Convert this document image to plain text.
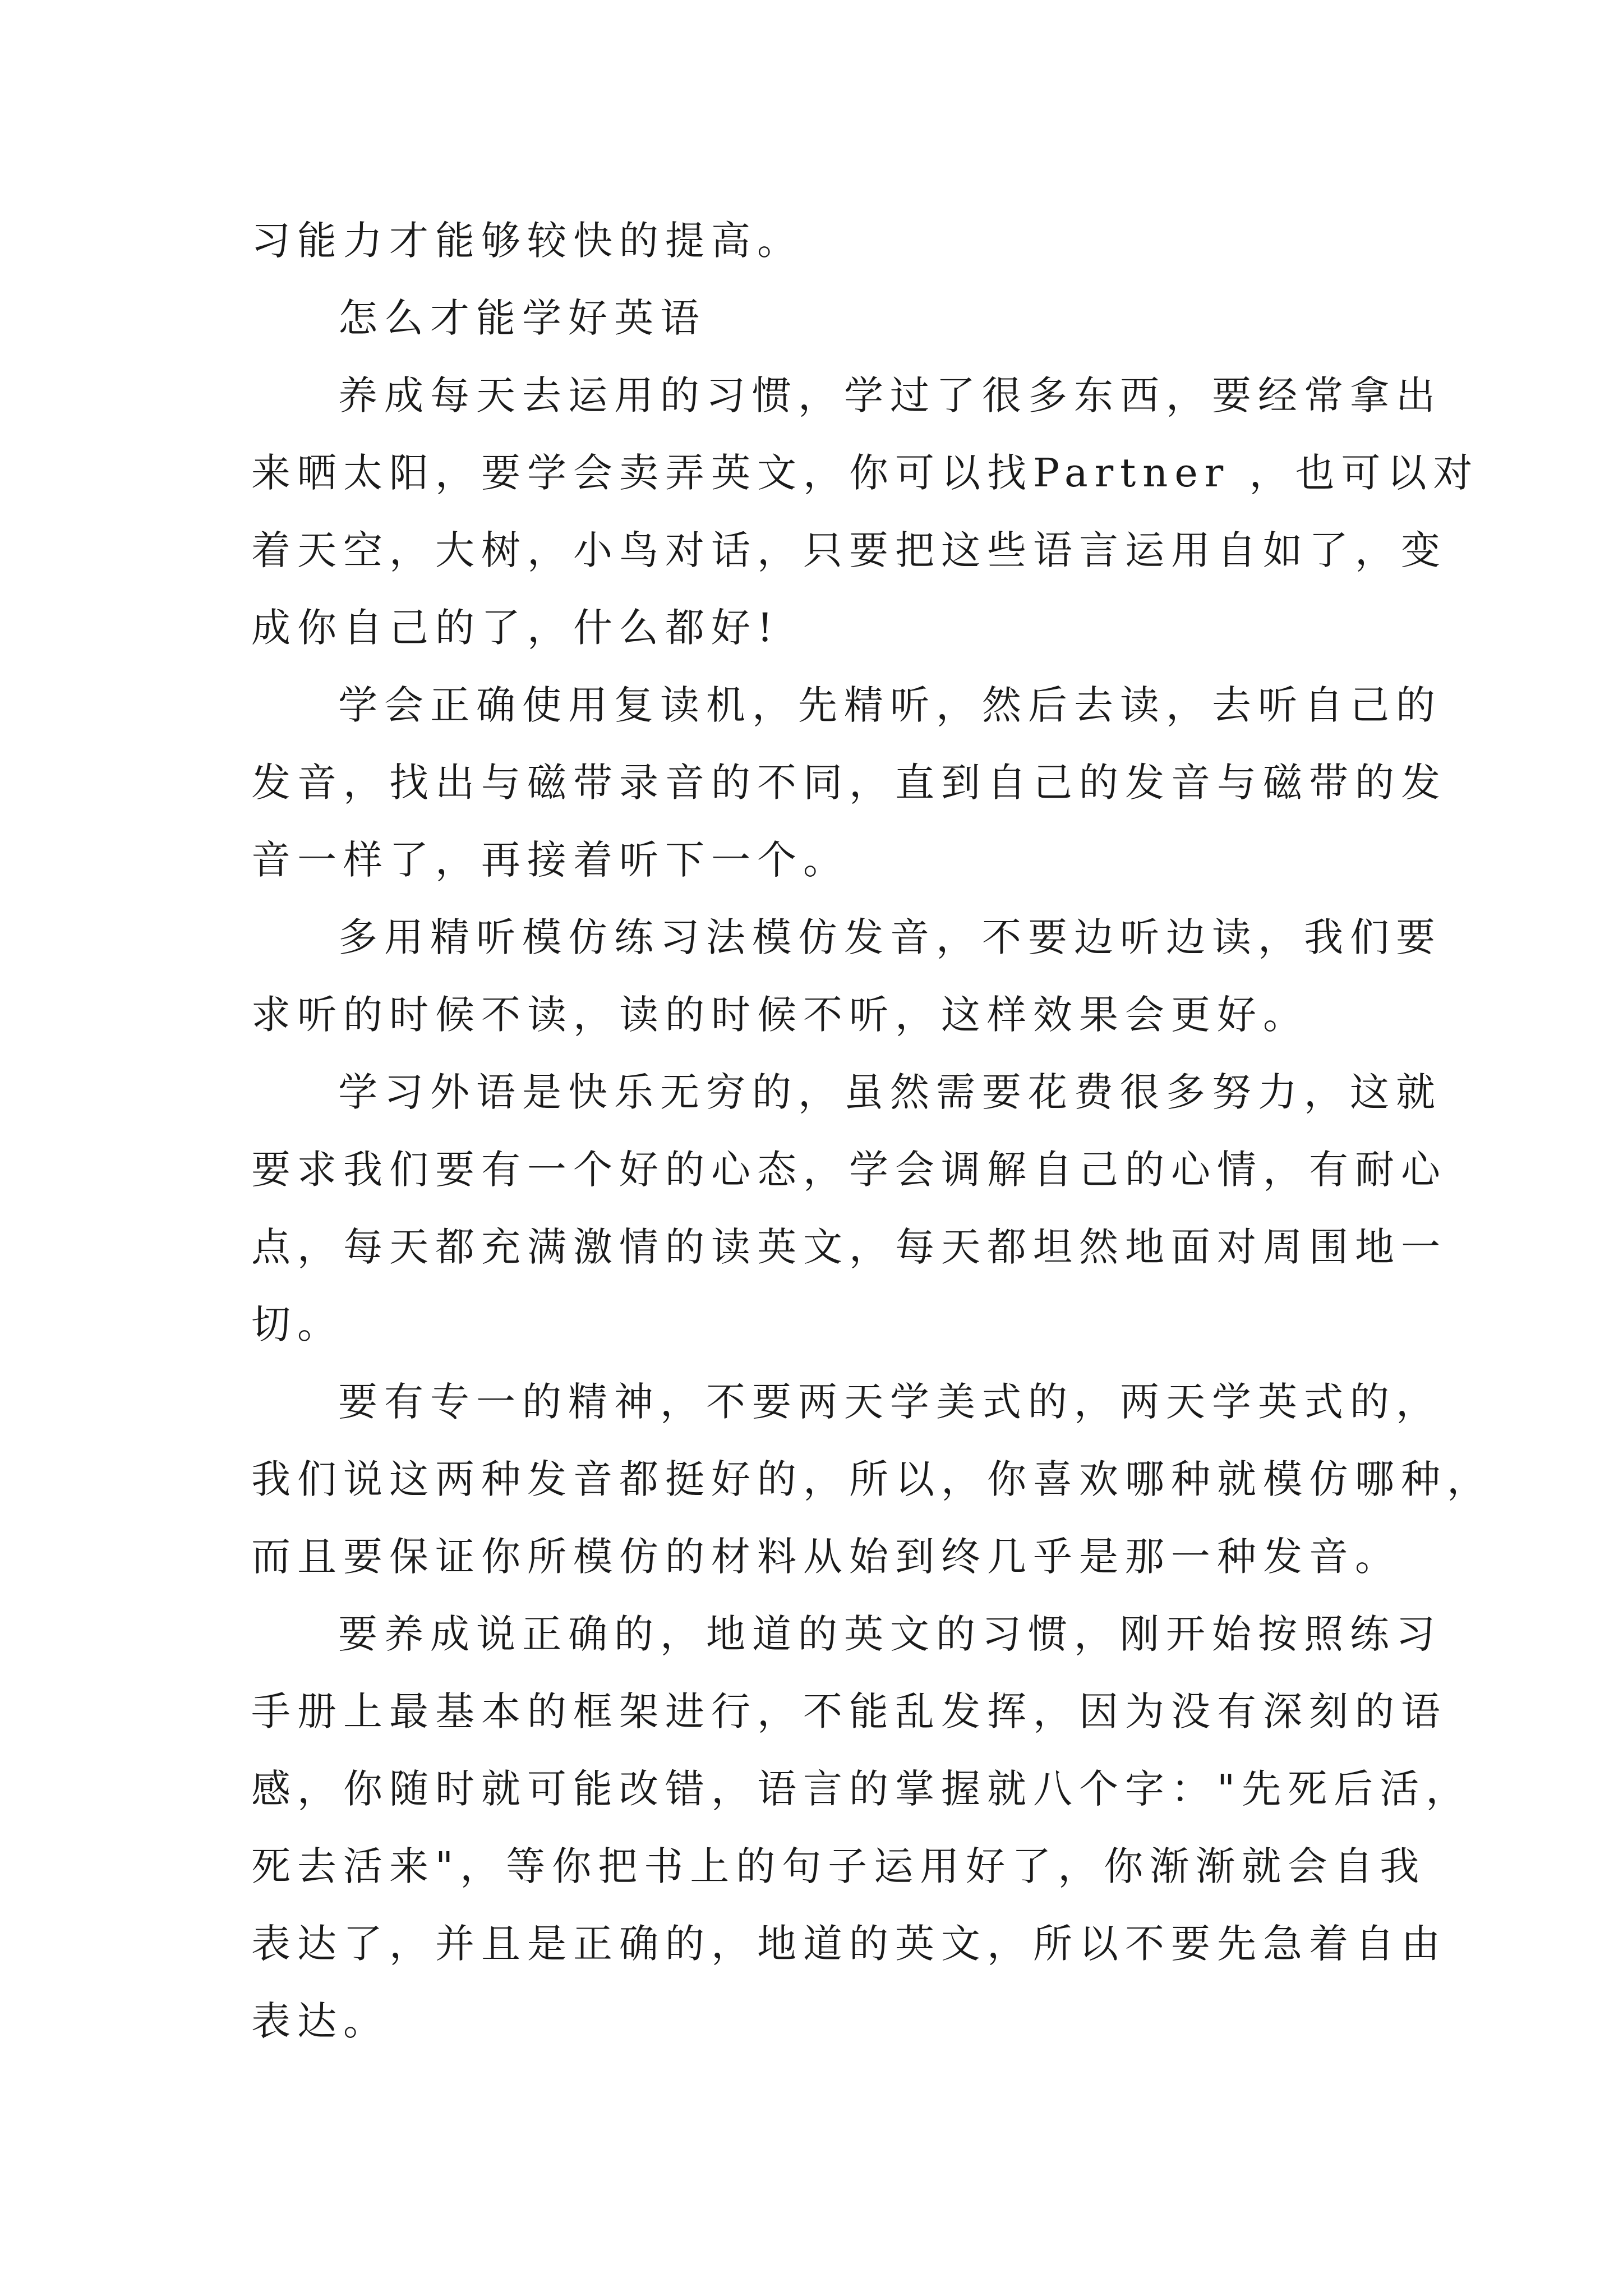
习能力才能够较快的提高。

怎么才能学好英语

养成每天去运用的习惯，学过了很多东西，要经常拿出

来晒太阳，要学会卖弄英文，你可以找Partner ，也可以对

着天空，大树，小鸟对话，只要把这些语言运用自如了，变

成你自己的了，什么都好!

学会正确使用复读机，先精听，然后去读，去听自己的

发音，找出与磁带录音的不同，直到自己的发音与磁带的发

音一样了，再接着听下一个。

多用精听模仿练习法模仿发音，不要边听边读，我们要

求听的时候不读，读的时候不听，这样效果会更好。

学习外语是快乐无穷的，虽然需要花费很多努力，这就

要求我们要有一个好的心态，学会调解自己的心情，有耐心

点，每天都充满激情的读英文，每天都坦然地面对周围地一

切。

要有专一的精神，不要两天学美式的，两天学英式的，

我们说这两种发音都挺好的，所以，你喜欢哪种就模仿哪种，

而且要保证你所模仿的材料从始到终几乎是那一种发音。

要养成说正确的，地道的英文的习惯，刚开始按照练习

手册上最基本的框架进行，不能乱发挥，因为没有深刻的语

感，你随时就可能改错，语言的掌握就八个字："先死后活，

死去活来"，等你把书上的句子运用好了，你渐渐就会自我

表达了，并且是正确的，地道的英文，所以不要先急着自由

表达。
